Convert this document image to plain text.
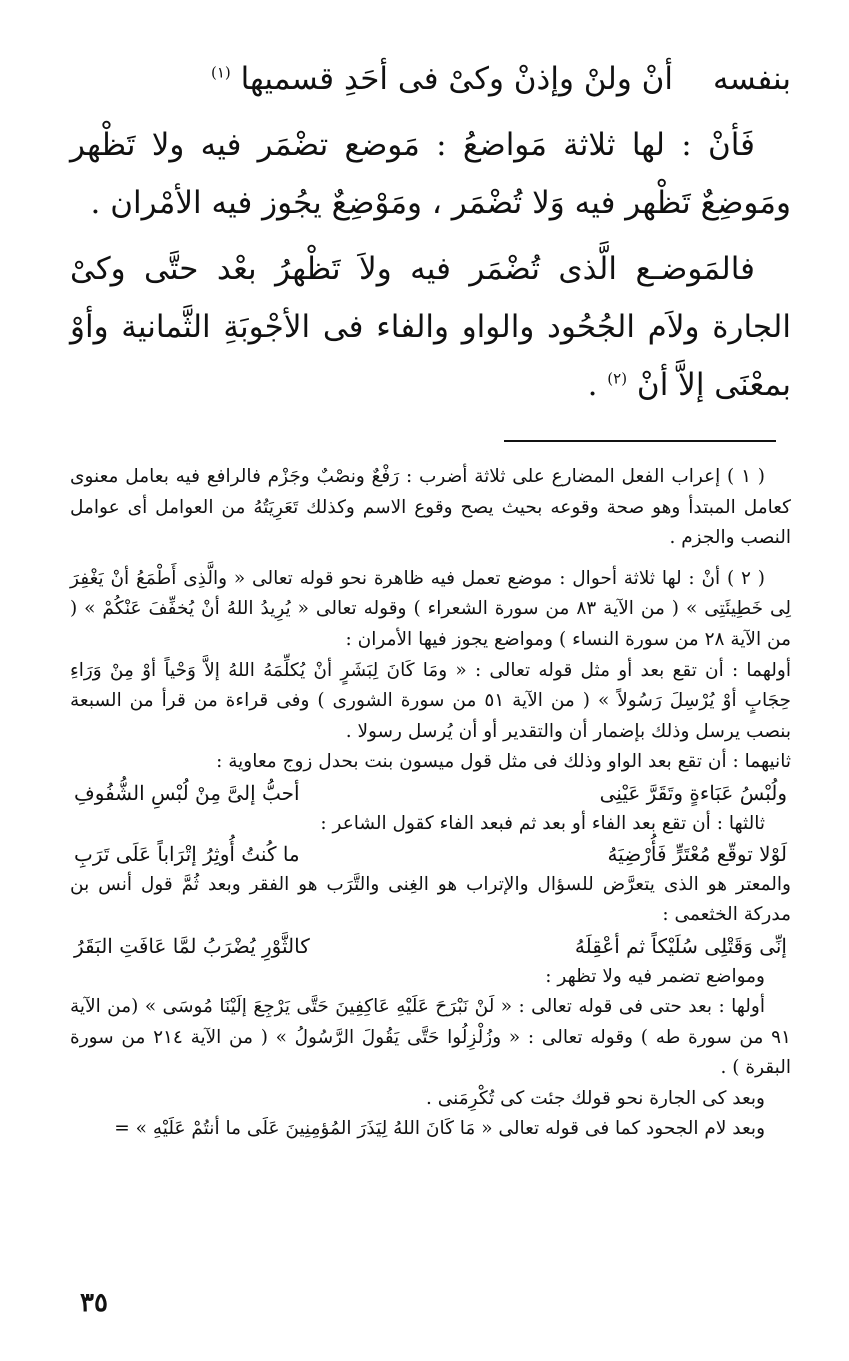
بنفسه
أنْ ولنْ وإذنْ وكىْ فى أحَدِ قسميها $^{(١)}$

فَأنْ : لها ثلاثة مَواضعُ : مَوضع تضْمَر فيه ولا تَظْهر ومَوضِعٌ تَظْهر فيه وَلا تُضْمَر ، ومَوْضِعٌ يجُوز فيه الأمْران .

فالمَوضـع الَّذى تُضْمَر فيه ولاَ تَظْهرُ بعْد حتَّى وكىْ الجارة ولاَم الجُحُود والواو والفاء فى الأجْوبَةِ الثَّمانية وأوْ بمعْنَى إلاَّ أنْ $^{(٢)}$ .

( ١ ) إعراب الفعل المضارع على ثلاثة أضرب : رَفْعٌ ونصْبٌ وجَزْم فالرافع فيه بعامل معنوى كعامل المبتدأ وهو صحة وقوعه بحيث يصح وقوع الاسم وكذلك تَعَرِيَتُهُ من العوامل أى عوامل النصب والجزم .

( ٢ ) أنْ : لها ثلاثة أحوال : موضع تعمل فيه ظاهرة نحو قوله تعالى « والَّذِى أَطْمَعُ أنْ يَغْفِرَ لِى خَطِيئَتِى » ( من الآية ٨٣ من سورة الشعراء ) وقوله تعالى « يُرِيدُ اللهُ أنْ يُخفِّفَ عَنْكُمْ » ( من الآية ٢٨ من سورة النساء ) ومواضع يجوز فيها الأمران :

أولهما : أن تقع بعد أو مثل قوله تعالى : « ومَا كَانَ لِبَشَرٍ أنْ يُكلِّمَهُ اللهُ إلاَّ وَحْياً أوْ مِنْ وَرَاءِ حِجَابٍ أوْ يُرْسِلَ رَسُولاً » ( من الآية ٥١ من سورة الشورى ) وفى قراءة من قرأ من السبعة بنصب يرسل وذلك بإضمار أن والتقدير أو أن يُرسل رسولا .

ثانيهما : أن تقع بعد الواو وذلك فى مثل قول ميسون بنت بحدل زوج معاوية :

ولُبْسُ عَبَاءةٍ وتَقَرَّ عَيْنِى
أحبُّ إلىَّ مِنْ لُبْسِ الشُّفُوفِ

ثالثها : أن تقع بعد الفاء أو بعد ثم فبعد الفاء كقول الشاعر :

لَوْلا توقّع مُعْتَرٍّ فَأُرْضِيَهُ
ما كُنتُ أُوثِرُ إتْرَاباً عَلَى تَرَبِ

والمعتر هو الذى يتعرَّض للسؤال والإتراب هو الغِنى والتَّرَب هو الفقر وبعد ثُمَّ قول أنس بن مدركة الخثعمى :

إنِّى وَقَتْلِى سُلَيْكاً ثم أعْقِلَهُ
كالثَّوْرِ يُضْرَبُ لمَّا عَافَتِ البَقَرُ

ومواضع تضمر فيه ولا تظهر :

أولها : بعد حتى فى قوله تعالى : « لَنْ نَبْرَحَ عَلَيْهِ عَاكِفِينَ حَتَّى يَرْجِعَ إلَيْنَا مُوسَى » (من الآية ٩١ من سورة طه ) وقوله تعالى : « وزُلْزِلُوا حَتَّى يَقُولَ الرَّسُولُ » ( من الآية ٢١٤ من سورة البقرة ) .

وبعد كى الجارة نحو قولك جئت كى تُكْرِمَنى .

وبعد لام الجحود كما فى قوله تعالى « مَا كَانَ اللهُ لِيَذَرَ المُؤمِنِينَ عَلَى ما أنتُمْ عَلَيْهِ » =

٣٥
